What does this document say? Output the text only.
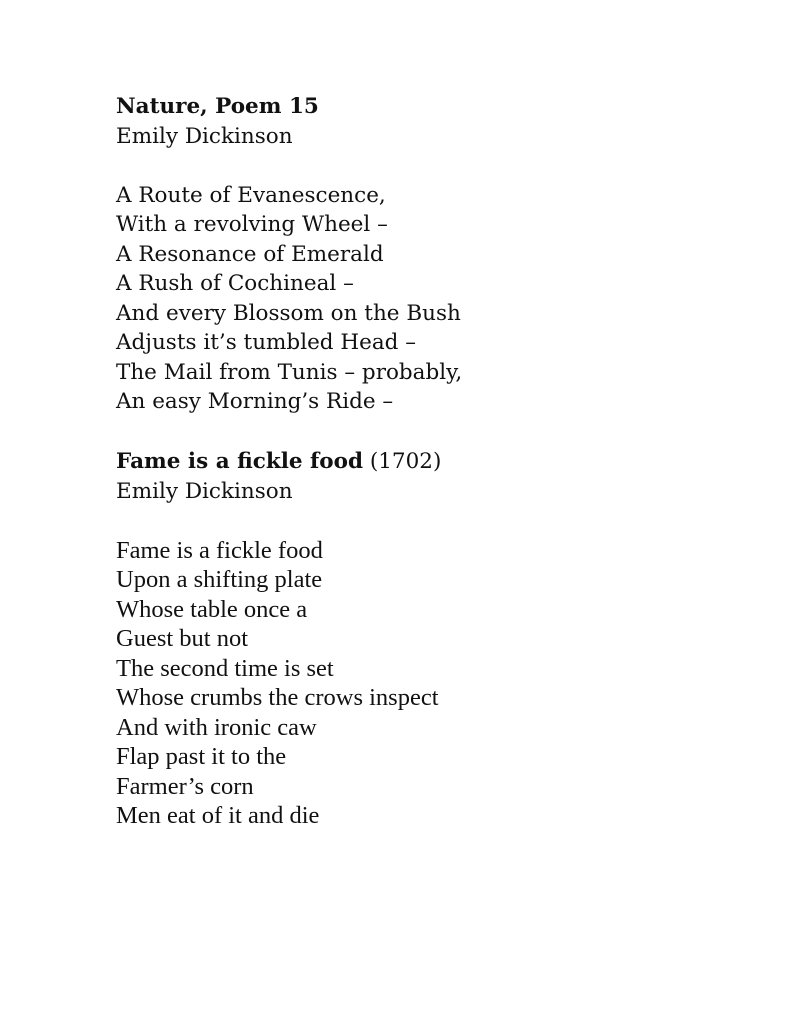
Nature, Poem 15
Emily Dickinson
A Route of Evanescence,
With a revolving Wheel –
A Resonance of Emerald
A Rush of Cochineal –
And every Blossom on the Bush
Adjusts it’s tumbled Head –
The Mail from Tunis – probably,
An easy Morning’s Ride –
Fame is a fickle food (1702)
Emily Dickinson
Fame is a fickle food
Upon a shifting plate
Whose table once a
Guest but not
The second time is set
Whose crumbs the crows inspect
And with ironic caw
Flap past it to the
Farmer’s corn
Men eat of it and die
